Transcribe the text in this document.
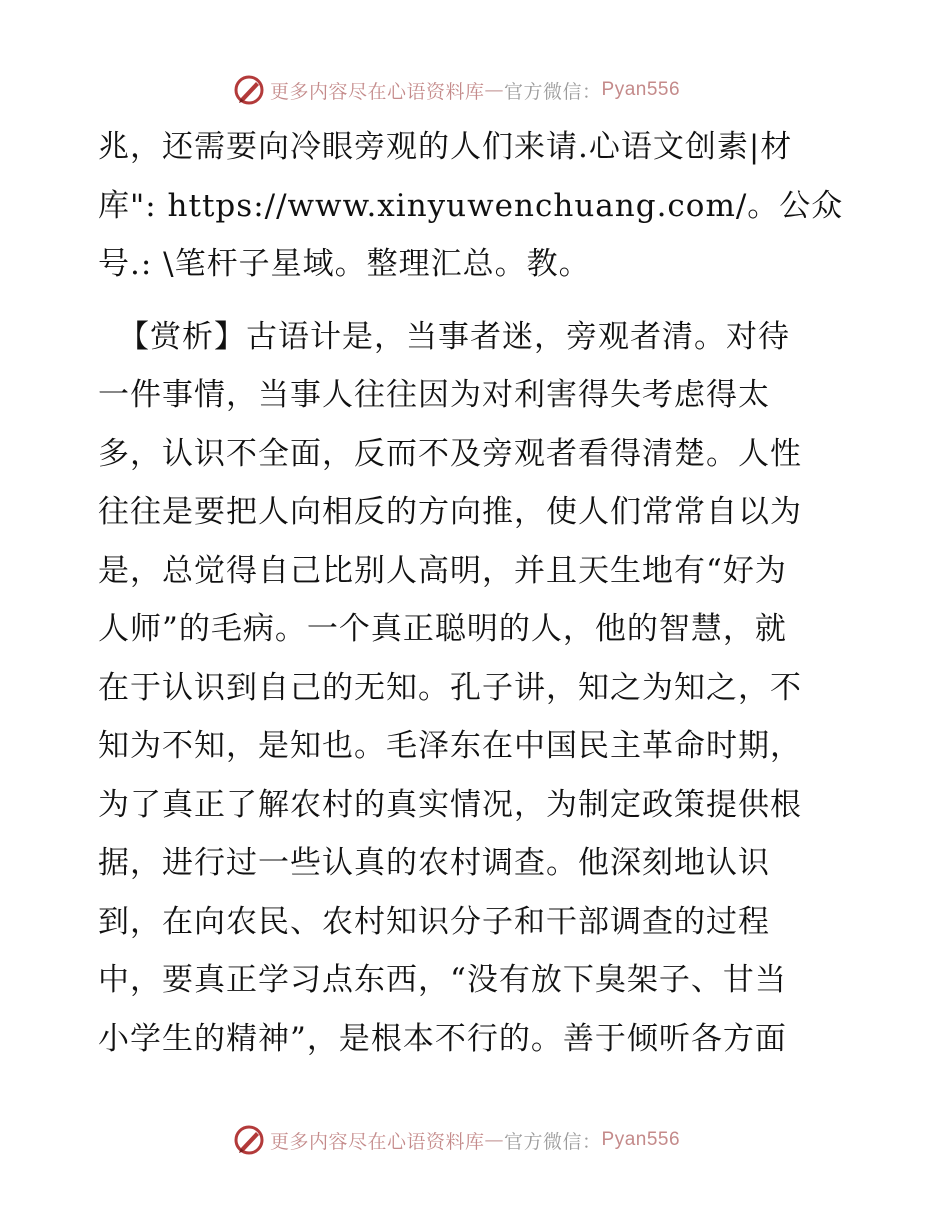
更多内容尽在心语资料库 — 官方微信： Pyan556
兆，还需要向冷眼旁观的人们来请.心语文创素|材
库": https://www.xinyuwenchuang.com/。公众
号.: \笔杆子星域。整理汇总。教。
【赏析】古语计是，当事者迷，旁观者清。对待
一件事情，当事人往往因为对利害得失考虑得太
多，认识不全面，反而不及旁观者看得清楚。人性
往往是要把人向相反的方向推，使人们常常自以为
是，总觉得自己比别人高明，并且天生地有“好为
人师”的毛病。一个真正聪明的人，他的智慧，就
在于认识到自己的无知。孔子讲，知之为知之，不
知为不知，是知也。毛泽东在中国民主革命时期，
为了真正了解农村的真实情况，为制定政策提供根
据，进行过一些认真的农村调查。他深刻地认识
到，在向农民、农村知识分子和干部调查的过程
中，要真正学习点东西，“没有放下臭架子、甘当
小学生的精神”，是根本不行的。善于倾听各方面
更多内容尽在心语资料库 — 官方微信： Pyan556
